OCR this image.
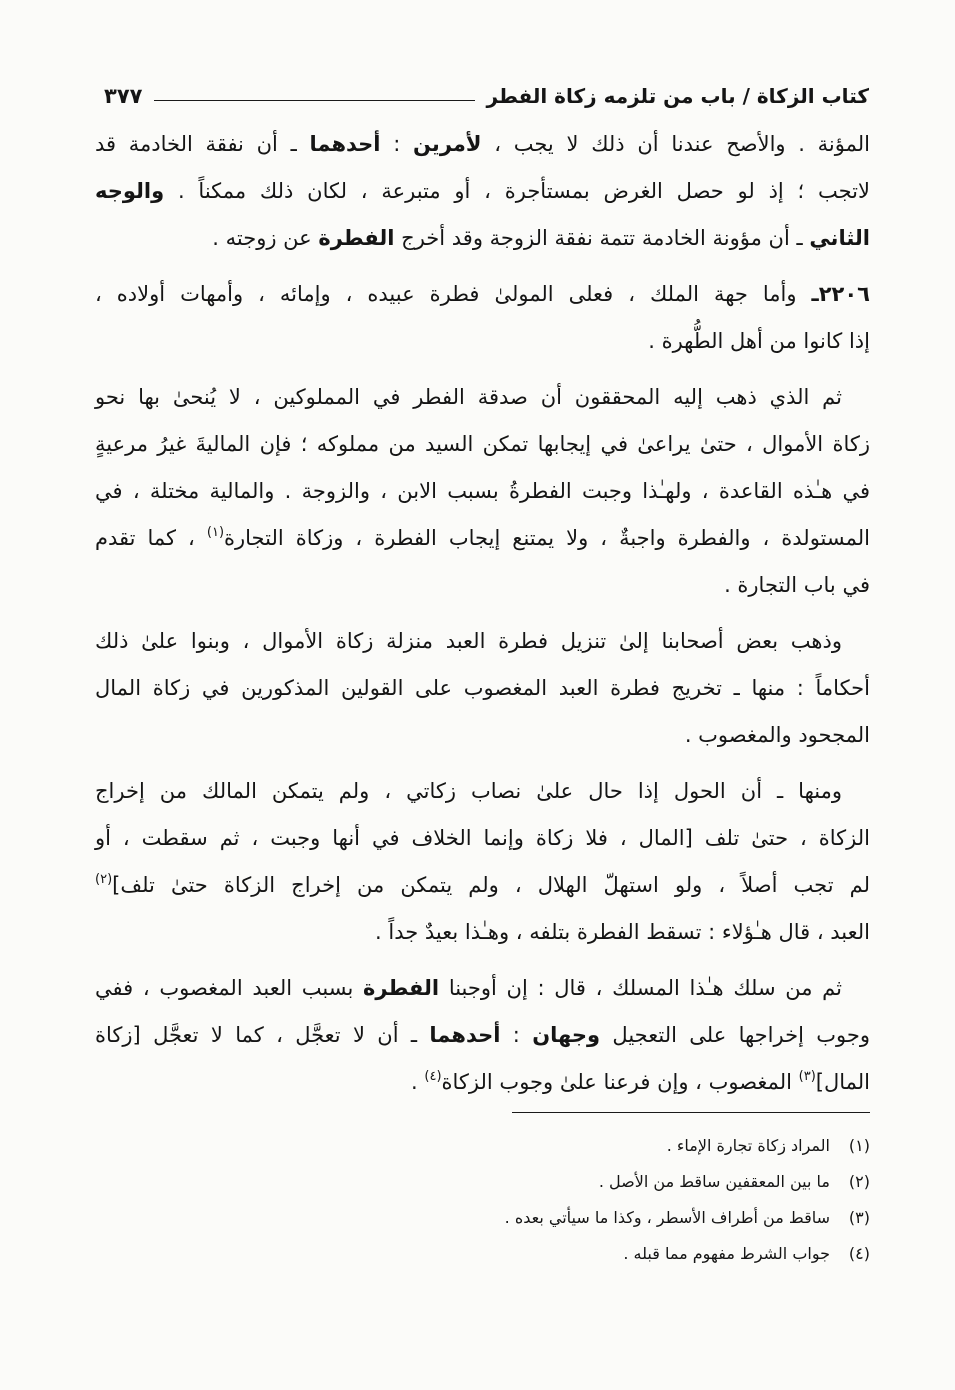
كتاب الزكاة / باب من تلزمه زكاة الفطر
٣٧٧
المؤنة . والأصح عندنا أن ذلك لا يجب ، لأمرين : أحدهما ـ أن نفقة الخادمة قد
لاتجب ؛ إذ لو حصل الغرض بمستأجرة ، أو متبرعة ، لكان ذلك ممكناً . والوجه
الثاني ـ أن مؤونة الخادمة تتمة نفقة الزوجة وقد أخرج الفطرة عن زوجته .
٢٢٠٦ـ وأما جهة الملك ، فعلى المولىٰ فطرة عبيده ، وإمائه ، وأمهات أولاده ،
إذا كانوا من أهل الطُّهرة .
ثم الذي ذهب إليه المحققون أن صدقة الفطر في المملوكين ، لا يُنحىٰ بها نحو
زكاة الأموال ، حتىٰ يراعىٰ في إيجابها تمكن السيد من مملوكه ؛ فإن الماليةَ غيرُ مرعيةٍ
في هـٰذه القاعدة ، ولهـٰذا وجبت الفطرةُ بسبب الابن ، والزوجة . والمالية مختلة ، في
المستولدة ، والفطرة واجبةٌ ، ولا يمتنع إيجاب الفطرة ، وزكاة التجارة$^{(١)}$ ، كما تقدم
في باب التجارة .
وذهب بعض أصحابنا إلىٰ تنزيل فطرة العبد منزلة زكاة الأموال ، وبنوا علىٰ ذلك
أحكاماً : منها ـ تخريج فطرة العبد المغصوب على القولين المذكورين في زكاة المال
المجحود والمغصوب .
ومنها ـ أن الحول إذا حال علىٰ نصاب زكاتي ، ولم يتمكن المالك من إخراج
الزكاة ، حتىٰ تلف [المال ، فلا زكاة وإنما الخلاف في أنها وجبت ، ثم سقطت ، أو
لم تجب أصلاً ، ولو استهلّ الهلال ، ولم يتمكن من إخراج الزكاة حتىٰ تلف]$^{(٢)}$
العبد ، قال هـٰؤلاء : تسقط الفطرة بتلفه ، وهـٰذا بعيدٌ جداً .
ثم من سلك هـٰذا المسلك ، قال : إن أوجبنا الفطرة بسبب العبد المغصوب ، ففي
وجوب إخراجها على التعجيل وجهان : أحدهما ـ أن لا تعجَّل ، كما لا تعجَّل [زكاة
المال]$^{(٣)}$ المغصوب ، وإن فرعنا علىٰ وجوب الزكاة$^{(٤)}$ .
(١)المراد زكاة تجارة الإماء .
(٢)ما بين المعقفين ساقط من الأصل .
(٣)ساقط من أطراف الأسطر ، وكذا ما سيأتي بعده .
(٤)جواب الشرط مفهوم مما قبله .
